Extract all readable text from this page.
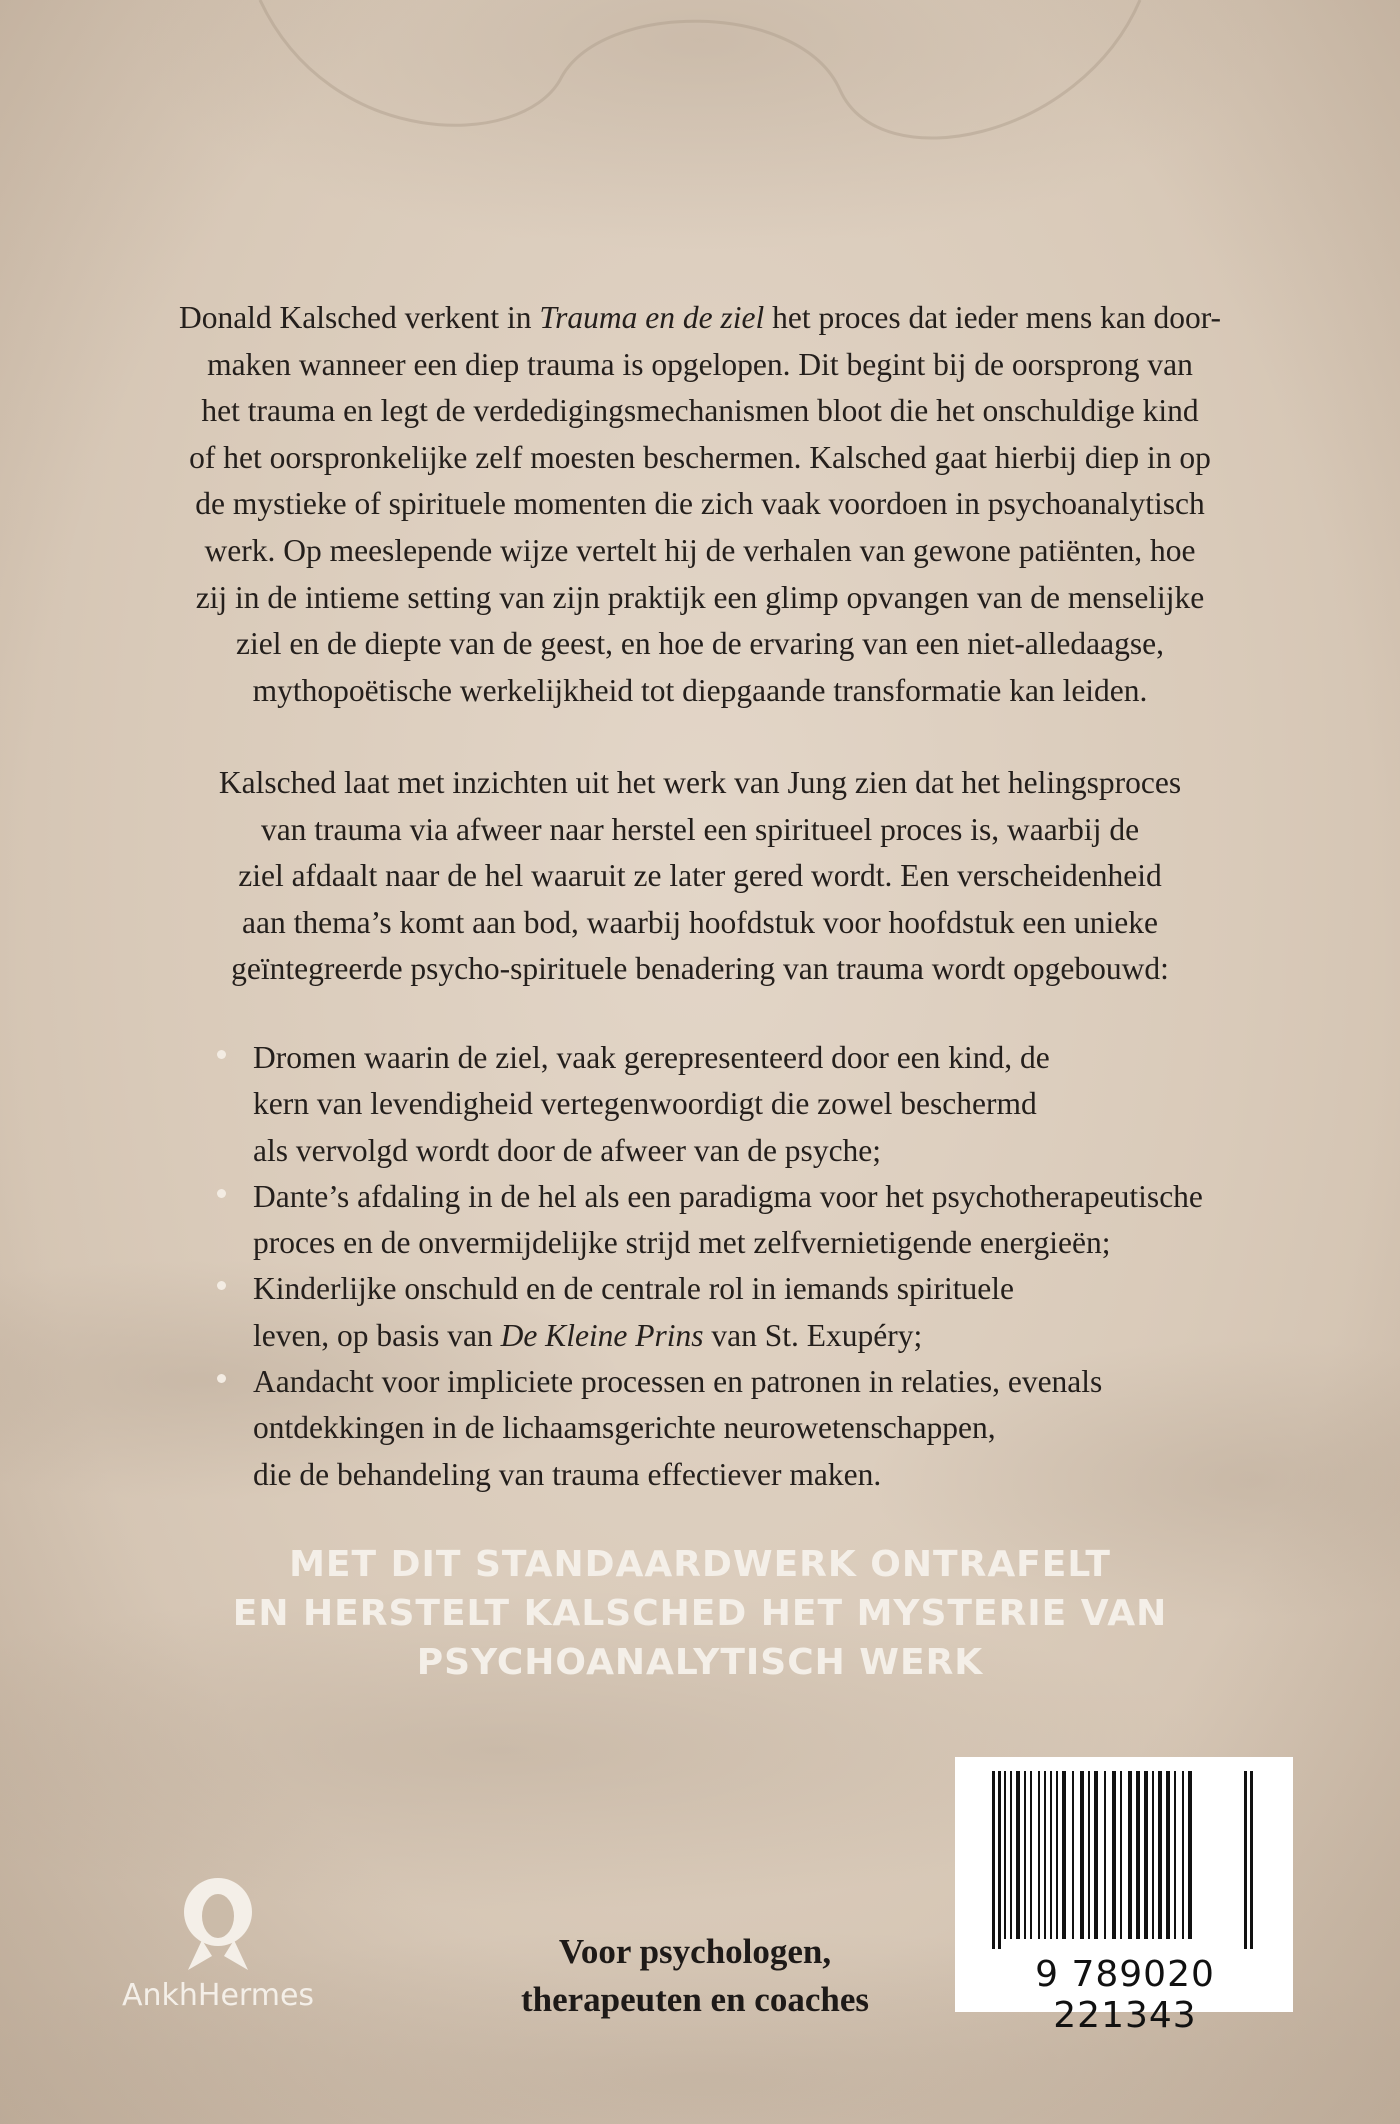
Donald Kalsched verkent in Trauma en de ziel het proces dat ieder mens kan door-
maken wanneer een diep trauma is opgelopen. Dit begint bij de oorsprong van
het trauma en legt de verdedigingsmechanismen bloot die het onschuldige kind
of het oorspronkelijke zelf moesten beschermen. Kalsched gaat hierbij diep in op
de mystieke of spirituele momenten die zich vaak voordoen in psychoanalytisch
werk. Op meeslepende wijze vertelt hij de verhalen van gewone patiënten, hoe
zij in de intieme setting van zijn praktijk een glimp opvangen van de menselijke
ziel en de diepte van de geest, en hoe de ervaring van een niet-alledaagse,
mythopoëtische werkelijkheid tot diepgaande transformatie kan leiden.

Kalsched laat met inzichten uit het werk van Jung zien dat het helingsproces
van trauma via afweer naar herstel een spiritueel proces is, waarbij de
ziel afdaalt naar de hel waaruit ze later gered wordt. Een verscheidenheid
aan thema’s komt aan bod, waarbij hoofdstuk voor hoofdstuk een unieke
geïntegreerde psycho-spirituele benadering van trauma wordt opgebouwd:

Dromen waarin de ziel, vaak gerepresenteerd door een kind, de
kern van levendigheid vertegenwoordigt die zowel beschermd
als vervolgd wordt door de afweer van de psyche;
Dante’s afdaling in de hel als een paradigma voor het psychotherapeutische
proces en de onvermijdelijke strijd met zelfvernietigende energieën;
Kinderlijke onschuld en de centrale rol in iemands spirituele
leven, op basis van De Kleine Prins van St. Exupéry;
Aandacht voor impliciete processen en patronen in relaties, evenals
ontdekkingen in de lichaamsgerichte neurowetenschappen,
die de behandeling van trauma effectiever maken.

MET DIT STANDAARDWERK ONTRAFELT
EN HERSTELT KALSCHED HET MYSTERIE VAN
PSYCHOANALYTISCH WERK

AnkhHermes

Voor psychologen,
therapeuten en coaches

9 789020 221343
